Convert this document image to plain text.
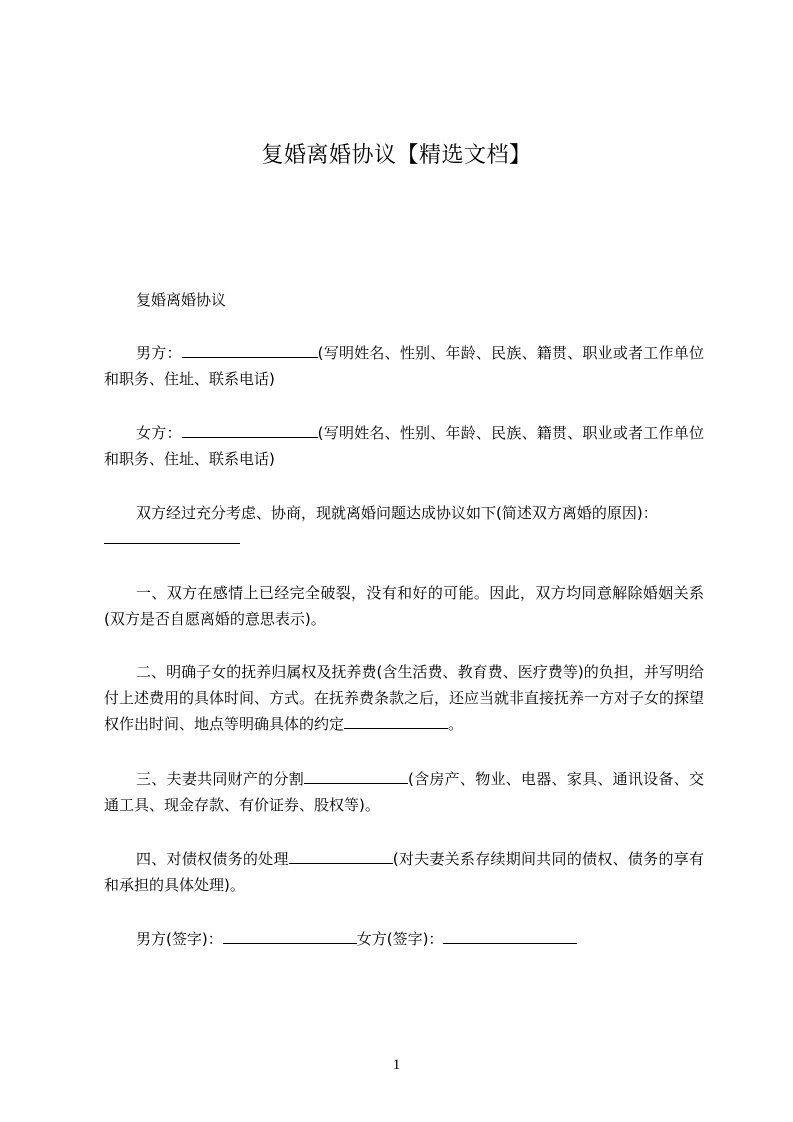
复婚离婚协议【精选文档】

复婚离婚协议

男方：	(写明姓名、性别、年龄、民族、籍贯、职业或者工作单位和职务、住址、联系电话)

女方：	(写明姓名、性别、年龄、民族、籍贯、职业或者工作单位和职务、住址、联系电话)

双方经过充分考虑、协商，现就离婚问题达成协议如下(简述双方离婚的原因)：

一、双方在感情上已经完全破裂，没有和好的可能。因此，双方均同意解除婚姻关系(双方是否自愿离婚的意思表示)。

二、明确子女的抚养归属权及抚养费(含生活费、教育费、医疗费等)的负担，并写明给付上述费用的具体时间、方式。在抚养费条款之后，还应当就非直接抚养一方对子女的探望权作出时间、地点等明确具体的约定	。

三、夫妻共同财产的分割	(含房产、物业、电器、家具、通讯设备、交通工具、现金存款、有价证券、股权等)。

四、对债权债务的处理	(对夫妻关系存续期间共同的债权、债务的享有和承担的具体处理)。

男方(签字)：	女方(签字)：

1
